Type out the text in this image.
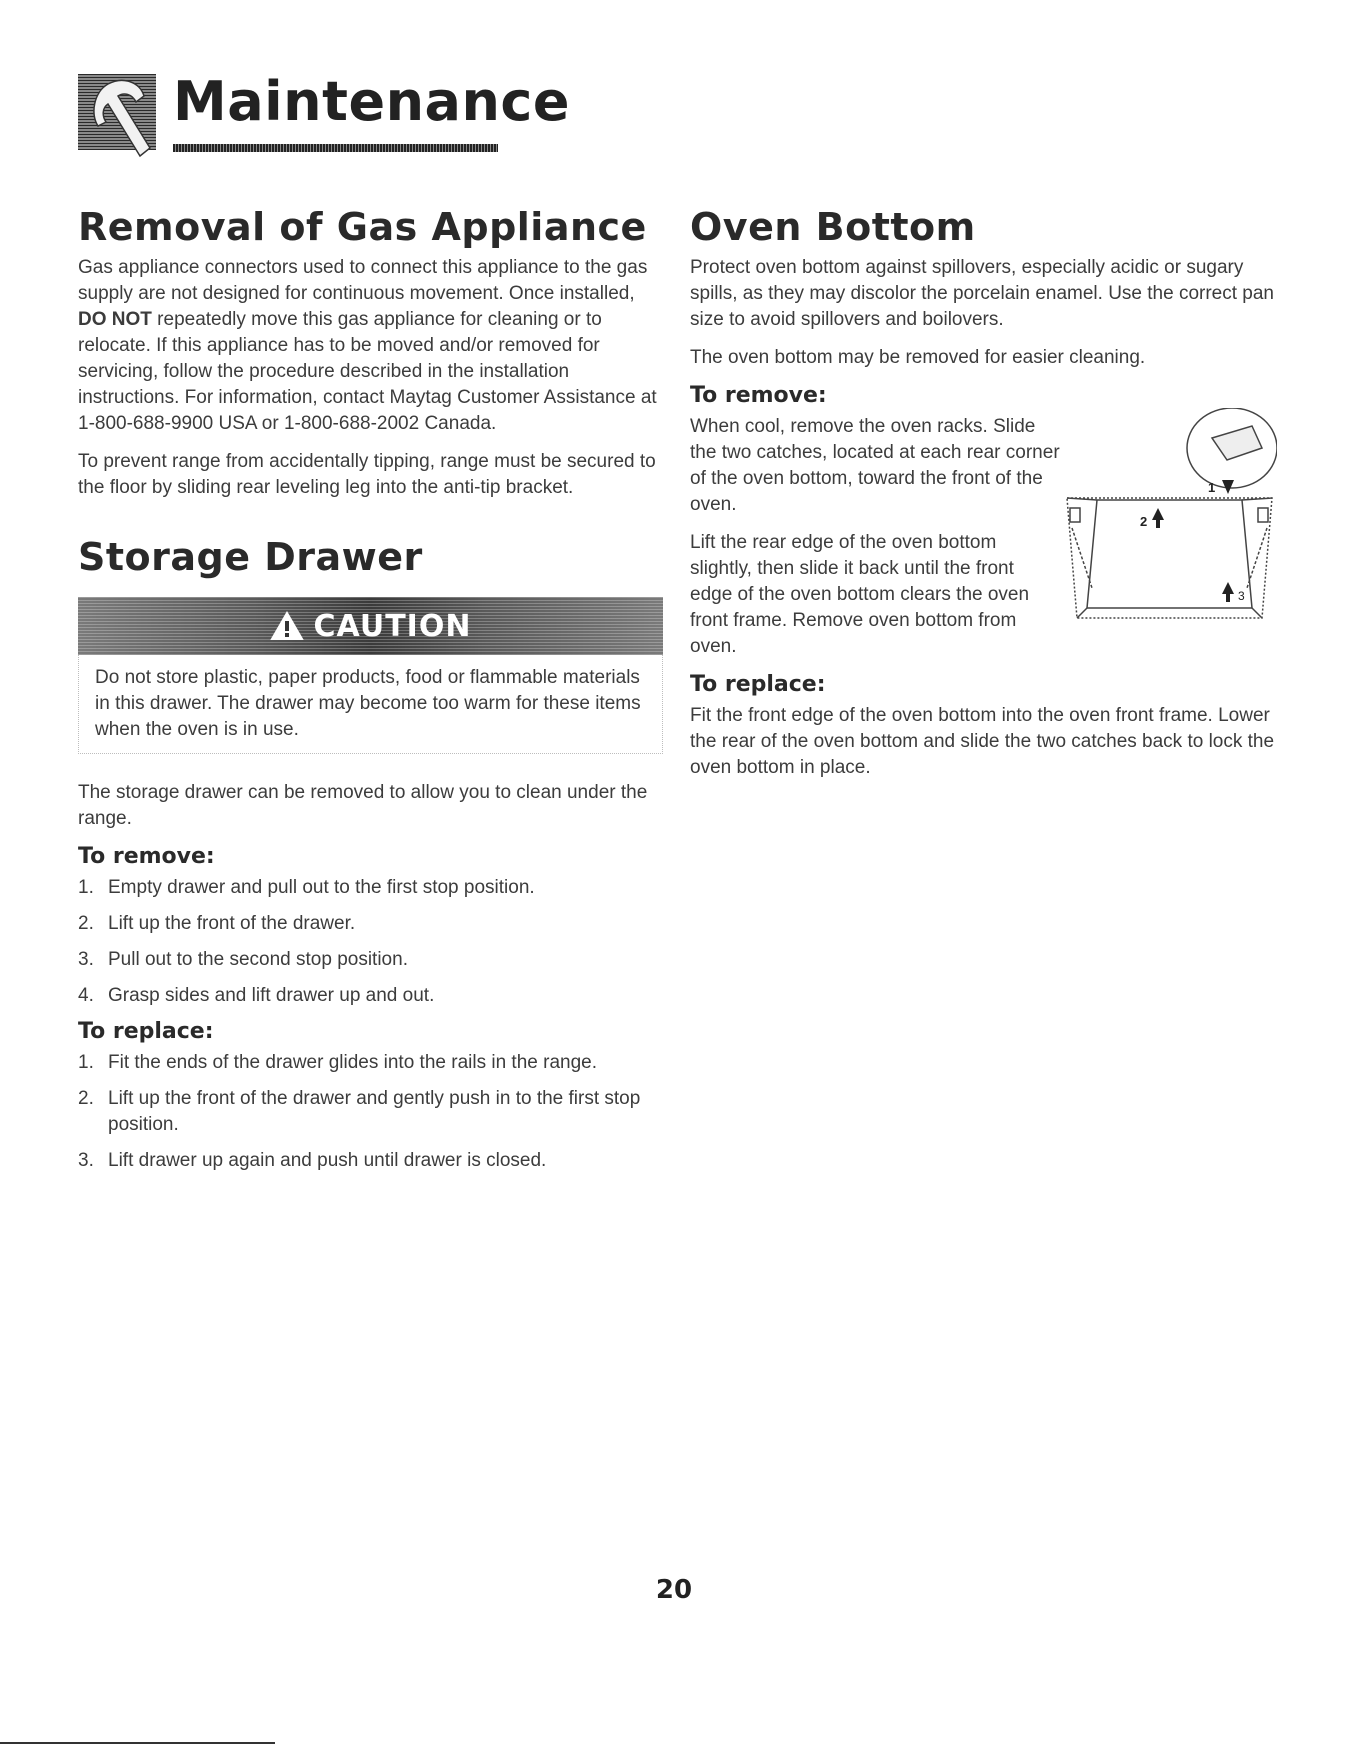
Maintenance
Removal of Gas Appliance

Gas appliance connectors used to connect this appliance to the gas supply are not designed for continuous movement. Once installed, DO NOT repeatedly move this gas appliance for cleaning or to relocate. If this appliance has to be moved and/or removed for servicing, follow the procedure described in the installation instructions. For information, contact Maytag Customer Assistance at 1-800-688-9900 USA or 1-800-688-2002 Canada.

To prevent range from accidentally tipping, range must be secured to the floor by sliding rear leveling leg into the anti-tip bracket.

Storage Drawer
CAUTION

Do not store plastic, paper products, food or flammable materials in this drawer. The drawer may become too warm for these items when the oven is in use.

The storage drawer can be removed to allow you to clean under the range.

To remove:
1. Empty drawer and pull out to the first stop position.
2. Lift up the front of the drawer.
3. Pull out to the second stop position.
4. Grasp sides and lift drawer up and out.
To replace:
1. Fit the ends of the drawer glides into the rails in the range.
2. Lift up the front of the drawer and gently push in to the first stop position.
3. Lift drawer up again and push until drawer is closed.
Oven Bottom

Protect oven bottom against spillovers, especially acidic or sugary spills, as they may discolor the porcelain enamel. Use the correct pan size to avoid spillovers and boilovers.

The oven bottom may be removed for easier cleaning.

To remove:

When cool, remove the oven racks. Slide the two catches, located at each rear corner of the oven bottom, toward the front of the oven.

Lift the rear edge of the oven bottom slightly, then slide it back until the front edge of the oven bottom clears the oven front frame. Remove oven bottom from oven.

1
2
3
To replace:

Fit the front edge of the oven bottom into the oven front frame. Lower the rear of the oven bottom and slide the two catches back to lock the oven bottom in place.

20
